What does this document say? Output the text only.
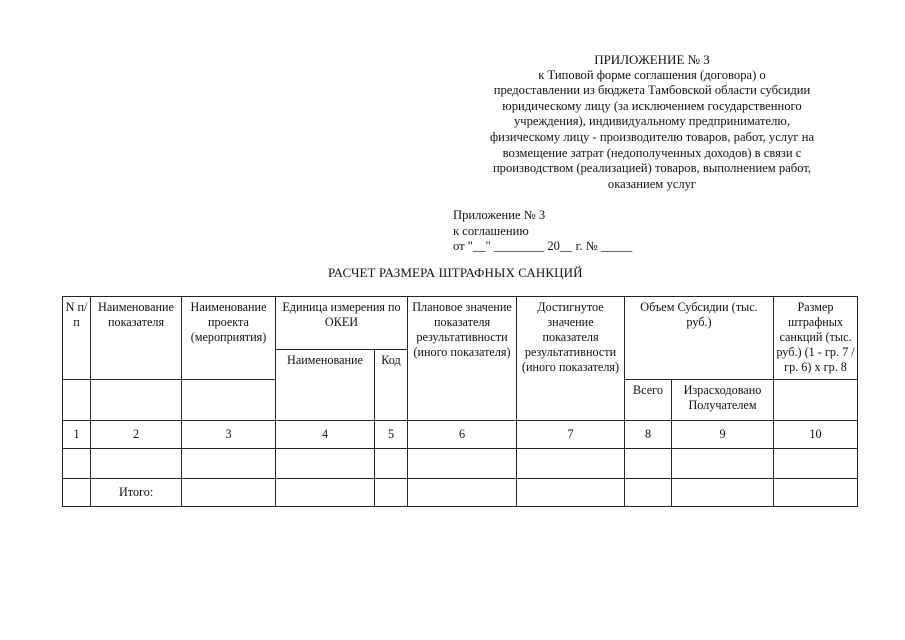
ПРИЛОЖЕНИЕ № 3
к Типовой форме соглашения (договора) о
предоставлении из бюджета Тамбовской области субсидии
юридическому лицу (за исключением государственного
учреждения), индивидуальному предпринимателю,
физическому лицу - производителю товаров, работ, услуг на
возмещение затрат (недополученных доходов) в связи с
производством (реализацией) товаров, выполнением работ,
оказанием услуг
Приложение № 3
к соглашению
от "__" ________ 20__ г. № _____
РАСЧЕТ РАЗМЕРА ШТРАФНЫХ САНКЦИЙ
N п/п	Наименование показателя	Наименование проекта (мероприятия)	Единица измерения по ОКЕИ		Плановое значение показателя результативности (иного показателя)	Достигнутое значение показателя результативности (иного показателя)	Объем Субсидии (тыс. руб.)		Размер штрафных санкций (тыс. руб.) (1 - гр. 7 / гр. 6) x гр. 8
			Наименование	Код					
							Всего	Израсходовано Получателем	
1	2	3	4	5	6	7	8	9	10

	Итого:								
